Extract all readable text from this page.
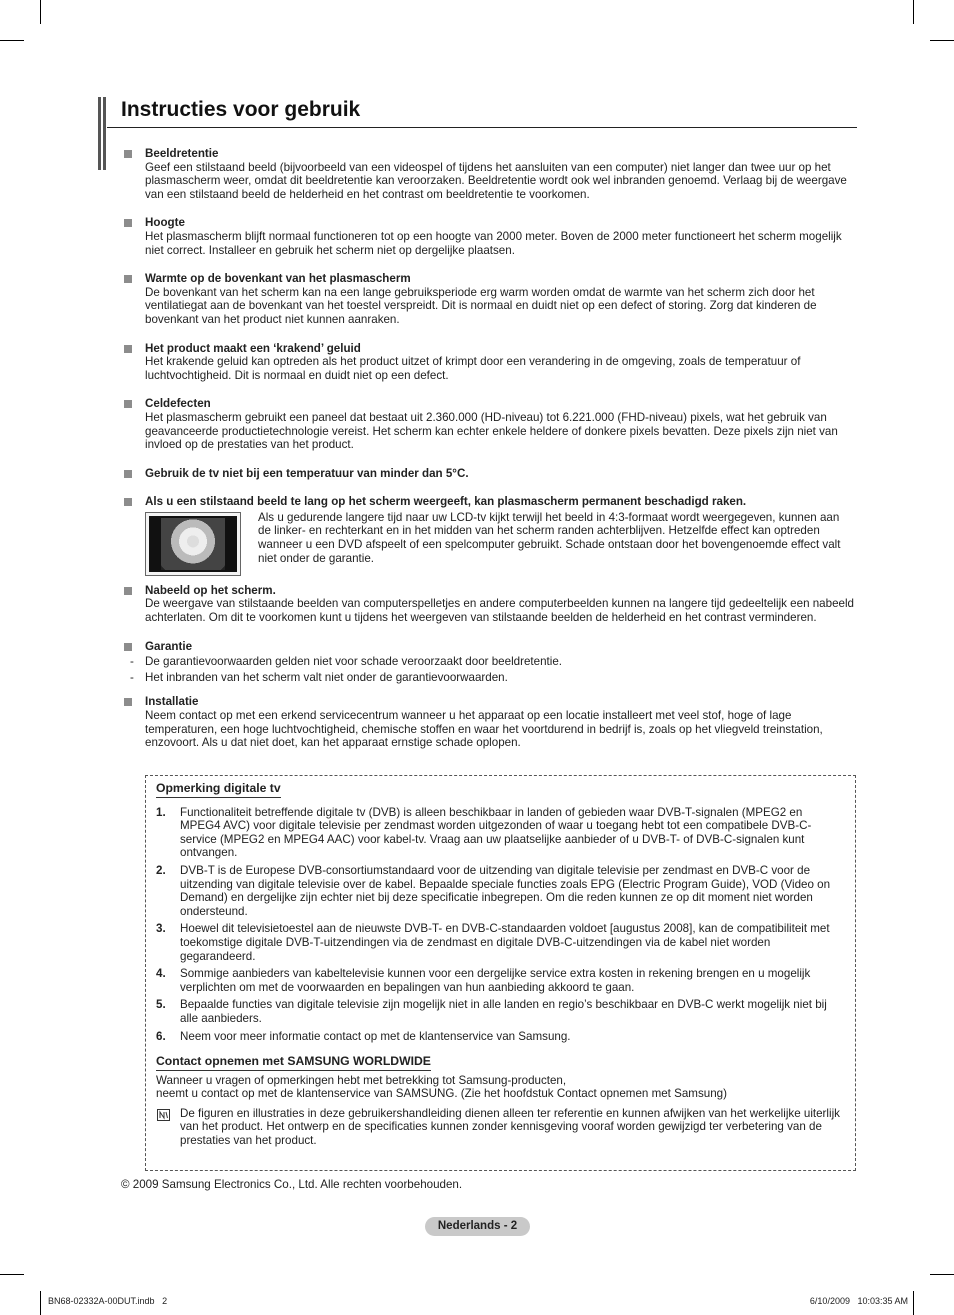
Instructies voor gebruik
Beeldretentie
Geef een stilstaand beeld (bijvoorbeeld van een videospel of tijdens het aansluiten van een computer) niet langer dan twee uur op het plasmascherm weer, omdat dit beeldretentie kan veroorzaken. Beeldretentie wordt ook wel inbranden genoemd. Verlaag bij de weergave van een stilstaand beeld de helderheid en het contrast om beeldretentie te voorkomen.
Hoogte
Het plasmascherm blijft normaal functioneren tot op een hoogte van 2000 meter. Boven de 2000 meter functioneert het scherm mogelijk niet correct. Installeer en gebruik het scherm niet op dergelijke plaatsen.
Warmte op de bovenkant van het plasmascherm
De bovenkant van het scherm kan na een lange gebruiksperiode erg warm worden omdat de warmte van het scherm zich door het ventilatiegat aan de bovenkant van het toestel verspreidt. Dit is normaal en duidt niet op een defect of storing. Zorg dat kinderen de bovenkant van het product niet kunnen aanraken.
Het product maakt een ‘krakend’ geluid
Het krakende geluid kan optreden als het product uitzet of krimpt door een verandering in de omgeving, zoals de temperatuur of luchtvochtigheid. Dit is normaal en duidt niet op een defect.
Celdefecten
Het plasmascherm gebruikt een paneel dat bestaat uit 2.360.000 (HD-niveau) tot 6.221.000 (FHD-niveau) pixels, wat het gebruik van geavanceerde productietechnologie vereist. Het scherm kan echter enkele heldere of donkere pixels bevatten. Deze pixels zijn niet van invloed op de prestaties van het product.
Gebruik de tv niet bij een temperatuur van minder dan 5°C.
Als u een stilstaand beeld te lang op het scherm weergeeft, kan plasmascherm permanent beschadigd raken.
Als u gedurende langere tijd naar uw LCD-tv kijkt terwijl het beeld in 4:3-formaat wordt weergegeven, kunnen aan de linker- en rechterkant en in het midden van het scherm randen achterblijven. Hetzelfde effect kan optreden wanneer u een DVD afspeelt of een spelcomputer gebruikt. Schade ontstaan door het bovengenoemde effect valt niet onder de garantie.
Nabeeld op het scherm.
De weergave van stilstaande beelden van computerspelletjes en andere computerbeelden kunnen na langere tijd gedeeltelijk een nabeeld achterlaten. Om dit te voorkomen kunt u tijdens het weergeven van stilstaande beelden de helderheid en het contrast verminderen.
Garantie
- De garantievoorwaarden gelden niet voor schade veroorzaakt door beeldretentie.
- Het inbranden van het scherm valt niet onder de garantievoorwaarden.
Installatie
Neem contact op met een erkend servicecentrum wanneer u het apparaat op een locatie installeert met veel stof, hoge of lage temperaturen, een hoge luchtvochtigheid, chemische stoffen en waar het voortdurend in bedrijf is, zoals op het vliegveld treinstation, enzovoort. Als u dat niet doet, kan het apparaat ernstige schade oplopen.
Opmerking digitale tv
1. Functionaliteit betreffende digitale tv (DVB) is alleen beschikbaar in landen of gebieden waar DVB-T-signalen (MPEG2 en MPEG4 AVC) voor digitale televisie per zendmast worden uitgezonden of waar u toegang hebt tot een compatibele DVB-C-service (MPEG2 en MPEG4 AAC) voor kabel-tv. Vraag aan uw plaatselijke aanbieder of u DVB-T- of DVB-C-signalen kunt ontvangen.
2. DVB-T is de Europese DVB-consortiumstandaard voor de uitzending van digitale televisie per zendmast en DVB-C voor de uitzending van digitale televisie over de kabel. Bepaalde speciale functies zoals EPG (Electric Program Guide), VOD (Video on Demand) en dergelijke zijn echter niet bij deze specificatie inbegrepen. Om die reden kunnen ze op dit moment niet worden ondersteund.
3. Hoewel dit televisietoestel aan de nieuwste DVB-T- en DVB-C-standaarden voldoet [augustus 2008], kan de compatibiliteit met toekomstige digitale DVB-T-uitzendingen via de zendmast en digitale DVB-C-uitzendingen via de kabel niet worden gegarandeerd.
4. Sommige aanbieders van kabeltelevisie kunnen voor een dergelijke service extra kosten in rekening brengen en u mogelijk verplichten om met de voorwaarden en bepalingen van hun aanbieding akkoord te gaan.
5. Bepaalde functies van digitale televisie zijn mogelijk niet in alle landen en regio’s beschikbaar en DVB-C werkt mogelijk niet bij alle aanbieders.
6. Neem voor meer informatie contact op met de klantenservice van Samsung.
Contact opnemen met SAMSUNG WORLDWIDE
Wanneer u vragen of opmerkingen hebt met betrekking tot Samsung-producten,
neemt u contact op met de klantenservice van SAMSUNG. (Zie het hoofdstuk Contact opnemen met Samsung)
De figuren en illustraties in deze gebruikershandleiding dienen alleen ter referentie en kunnen afwijken van het werkelijke uiterlijk van het product. Het ontwerp en de specificaties kunnen zonder kennisgeving vooraf worden gewijzigd ter verbetering van de prestaties van het product.
© 2009 Samsung Electronics Co., Ltd. Alle rechten voorbehouden.
Nederlands - 2
BN68-02332A-00DUT.indb   2	6/10/2009   10:03:35 AM
